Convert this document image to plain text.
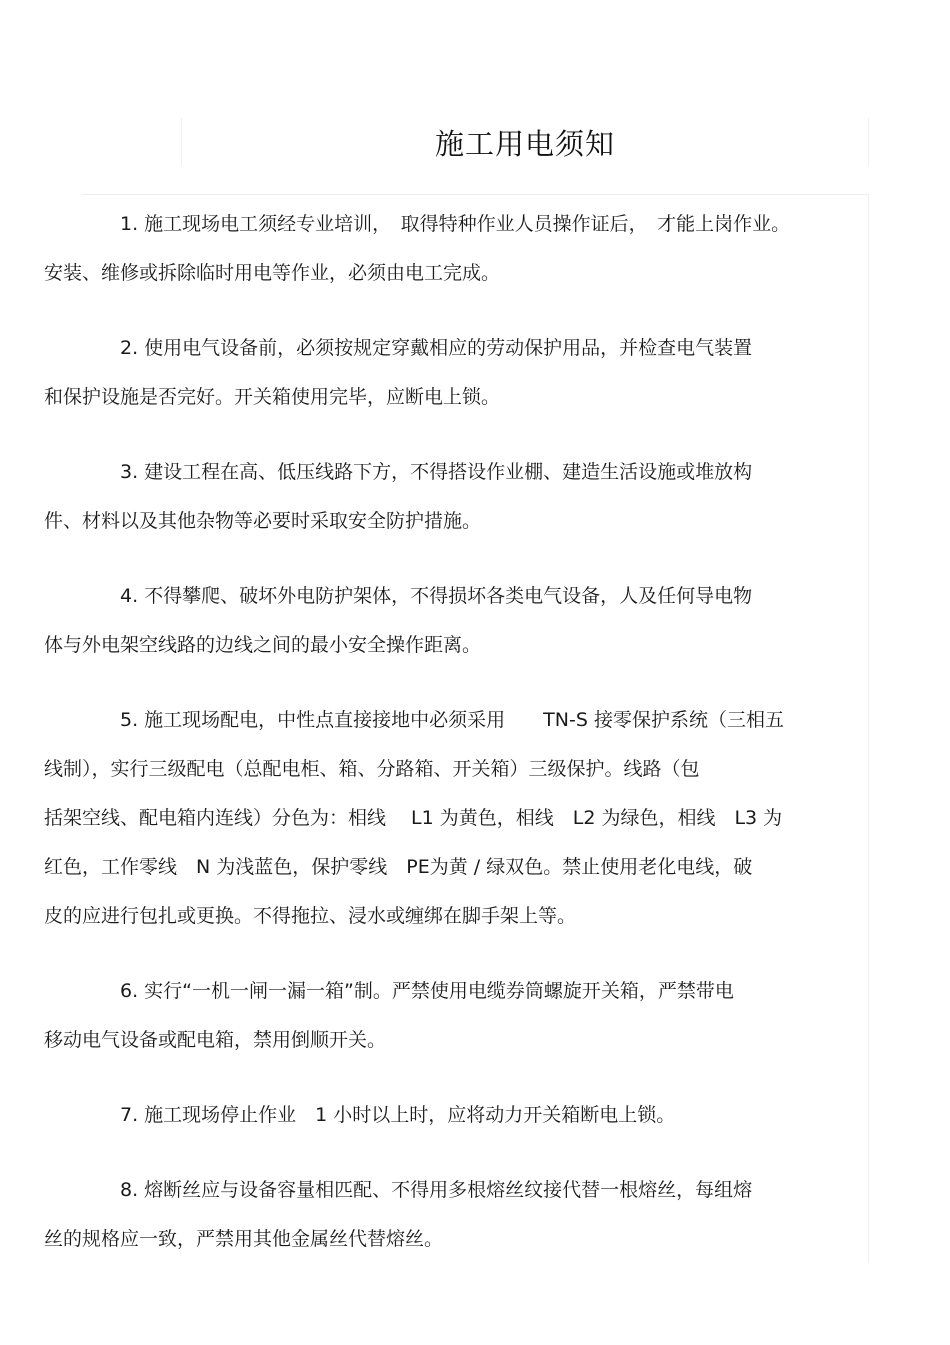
施工用电须知
1. 施工现场电工须经专业培训，　取得特种作业人员操作证后，　才能上岗作业。
安装、维修或拆除临时用电等作业，必须由电工完成。
2. 使用电气设备前，必须按规定穿戴相应的劳动保护用品，并检查电气装置
和保护设施是否完好。开关箱使用完毕，应断电上锁。
3. 建设工程在高、低压线路下方，不得搭设作业棚、建造生活设施或堆放构
件、材料以及其他杂物等必要时采取安全防护措施。
4. 不得攀爬、破坏外电防护架体，不得损坏各类电气设备，人及任何导电物
体与外电架空线路的边线之间的最小安全操作距离。
5. 施工现场配电，中性点直接接地中必须采用　　TN-S 接零保护系统（三相五
线制），实行三级配电（总配电柜、箱、分路箱、开关箱）三级保护。线路（包
括架空线、配电箱内连线）分色为：相线　 L1 为黄色，相线　L2 为绿色，相线　L3 为
红色，工作零线　N 为浅蓝色，保护零线　PE为黄 / 绿双色。禁止使用老化电线，破
皮的应进行包扎或更换。不得拖拉、浸水或缠绑在脚手架上等。
6. 实行“一机一闸一漏一箱”制。严禁使用电缆券筒螺旋开关箱，严禁带电
移动电气设备或配电箱，禁用倒顺开关。
7. 施工现场停止作业　1 小时以上时，应将动力开关箱断电上锁。
8. 熔断丝应与设备容量相匹配、不得用多根熔丝纹接代替一根熔丝，每组熔
丝的规格应一致，严禁用其他金属丝代替熔丝。
